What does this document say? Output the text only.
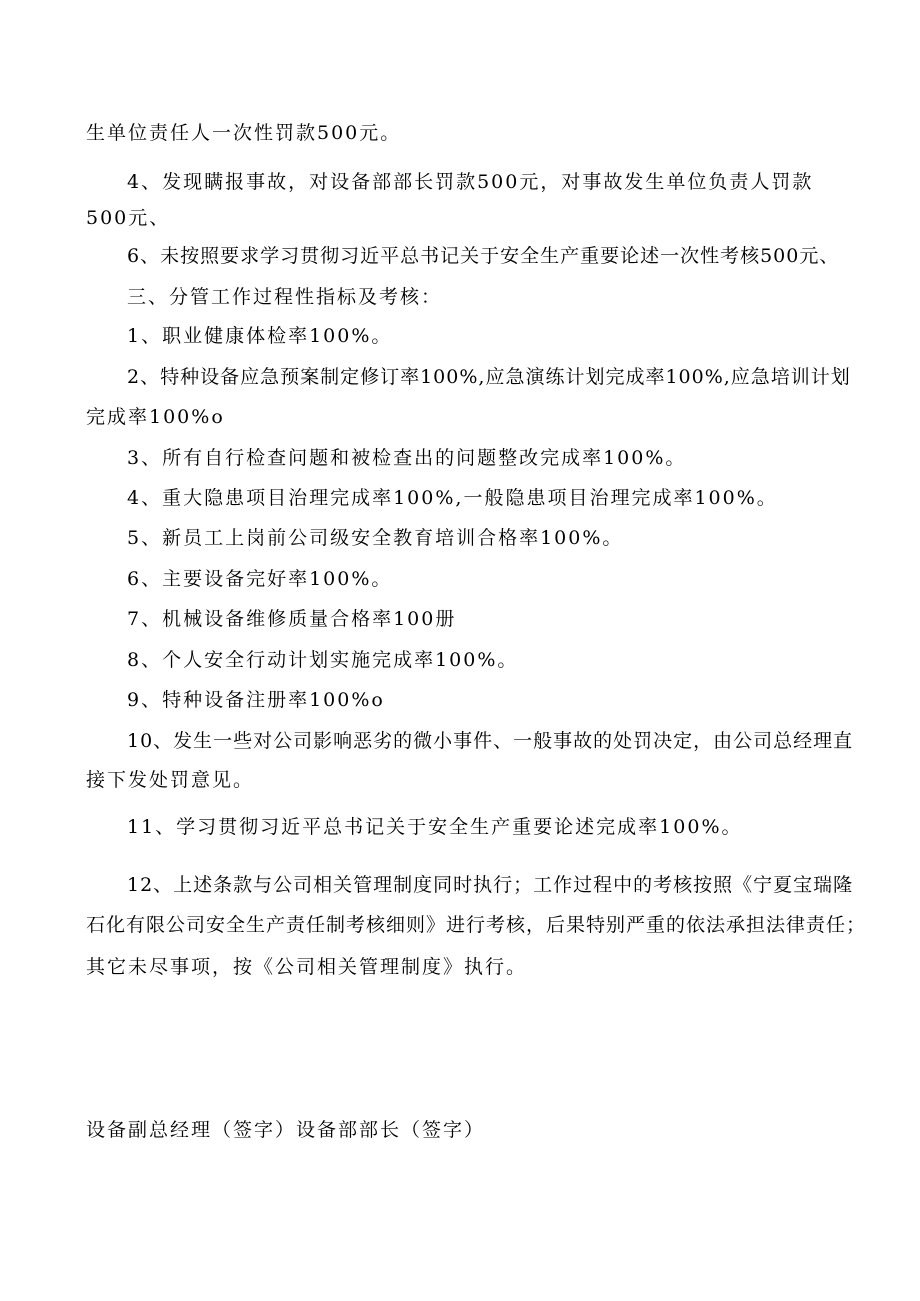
生单位责任人一次性罚款500元。

4、发现瞒报事故，对设备部部长罚款500元，对事故发生单位负责人罚款

500元、

6、未按照要求学习贯彻习近平总书记关于安全生产重要论述一次性考核500元、

三、分管工作过程性指标及考核：

1、职业健康体检率100%。

2、特种设备应急预案制定修订率100%,应急演练计划完成率100%,应急培训计划

完成率100%o

3、所有自行检查问题和被检查出的问题整改完成率100%。

4、重大隐患项目治理完成率100%,一般隐患项目治理完成率100%。

5、新员工上岗前公司级安全教育培训合格率100%。

6、主要设备完好率100%。

7、机械设备维修质量合格率100册

8、个人安全行动计划实施完成率100%。

9、特种设备注册率100%o

10、发生一些对公司影响恶劣的微小事件、一般事故的处罚决定，由公司总经理直

接下发处罚意见。

11、学习贯彻习近平总书记关于安全生产重要论述完成率100%。

12、上述条款与公司相关管理制度同时执行；工作过程中的考核按照《宁夏宝瑞隆

石化有限公司安全生产责任制考核细则》进行考核，后果特别严重的依法承担法律责任；

其它未尽事项，按《公司相关管理制度》执行。

设备副总经理（签字）设备部部长（签字）
